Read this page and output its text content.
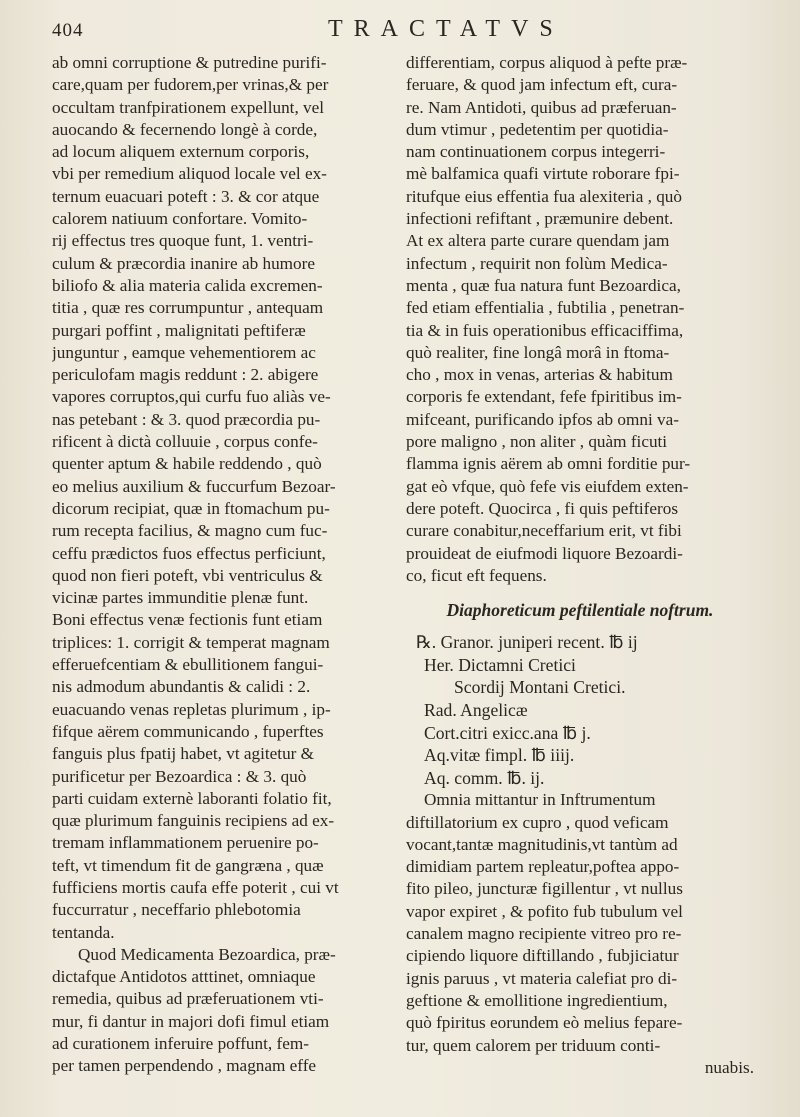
404	TRACTATVS
ab omni corruptione & putredine purifi-
care,quam per fudorem,per vrinas,& per
occultam tranfpirationem expellunt, vel
auocando & fecernendo longè à corde,
ad locum aliquem externum corporis,
vbi per remedium aliquod locale vel ex-
ternum euacuari poteft : 3. & cor atque
calorem natiuum confortare. Vomito-
rij effectus tres quoque funt, 1. ventri-
culum & præcordia inanire ab humore
biliofo & alia materia calida excremen-
titia , quæ res corrumpuntur , antequam
purgari poffint , malignitati peftiferæ
junguntur , eamque vehementiorem ac
periculofam magis reddunt : 2. abigere
vapores corruptos,qui curfu fuo aliàs ve-
nas petebant : & 3. quod præcordia pu-
rificent à dictà colluuie , corpus confe-
quenter aptum & habile reddendo , quò
eo melius auxilium & fuccurfum Bezoar-
dicorum recipiat, quæ in ftomachum pu-
rum recepta facilius, & magno cum fuc-
ceffu prædictos fuos effectus perficiunt,
quod non fieri poteft, vbi ventriculus &
vicinæ partes immunditie plenæ funt.
Boni effectus venæ fectionis funt etiam
triplices: 1. corrigit & temperat magnam
efferuefcentiam & ebullitionem fangui-
nis admodum abundantis & calidi : 2.
euacuando venas repletas plurimum , ip-
fifque aërem communicando , fuperftes
fanguis plus fpatij habet, vt agitetur &
purificetur per Bezoardica : & 3. quò
parti cuidam externè laboranti folatio fit,
quæ plurimum fanguinis recipiens ad ex-
tremam inflammationem peruenire po-
teft, vt timendum fit de gangræna , quæ
fufficiens mortis caufa effe poterit , cui vt
fuccurratur , neceffario phlebotomia
tentanda.
Quod Medicamenta Bezoardica, præ-
dictafque Antidotos atttinet, omniaque
remedia, quibus ad præferuationem vti-
mur, fi dantur in majori dofi fimul etiam
ad curationem inferuire poffunt, fem-
per tamen perpendendo , magnam effe
differentiam, corpus aliquod à pefte præ-
feruare, & quod jam infectum eft, cura-
re. Nam Antidoti, quibus ad præferuan-
dum vtimur , pedetentim per quotidia-
nam continuationem corpus integerri-
mè balfamica quafi virtute roborare fpi-
ritufque eius effentia fua alexiteria , quò
infectioni refiftant , præmunire debent.
At ex altera parte curare quendam jam
infectum , requirit non folùm Medica-
menta , quæ fua natura funt Bezoardica,
fed etiam effentialia , fubtilia , penetran-
tia & in fuis operationibus efficaciffima,
quò realiter, fine longâ morâ in ftoma-
cho , mox in venas, arterias & habitum
corporis fe extendant, fefe fpiritibus im-
mifceant, purificando ipfos ab omni va-
pore maligno , non aliter , quàm ficuti
flamma ignis aërem ab omni forditie pur-
gat eò vfque, quò fefe vis eiufdem exten-
dere poteft. Quocirca , fi quis peftiferos
curare conabitur,neceffarium erit, vt fibi
prouideat de eiufmodi liquore Bezoardi-
co, ficut eft fequens.
Diaphoreticum peftilentiale noftrum.
℞. Granor. juniperi recent. ℔ ij
Her. Dictamni Cretici
Scordij Montani Cretici.
Rad. Angelicæ
Cort.citri exicc.ana ℔ j.
Aq.vitæ fimpl. ℔ iiij.
Aq. comm. ℔. ij.
Omnia mittantur in Inftrumentum
diftillatorium ex cupro , quod veficam
vocant,tantæ magnitudinis,vt tantùm ad
dimidiam partem repleatur,poftea appo-
fito pileo, juncturæ figillentur , vt nullus
vapor expiret , & pofito fub tubulum vel
canalem magno recipiente vitreo pro re-
cipiendo liquore diftillando , fubjiciatur
ignis paruus , vt materia calefiat pro di-
geftione & emollitione ingredientium,
quò fpiritus eorundem eò melius fepare-
tur, quem calorem per triduum conti-
nuabis.
